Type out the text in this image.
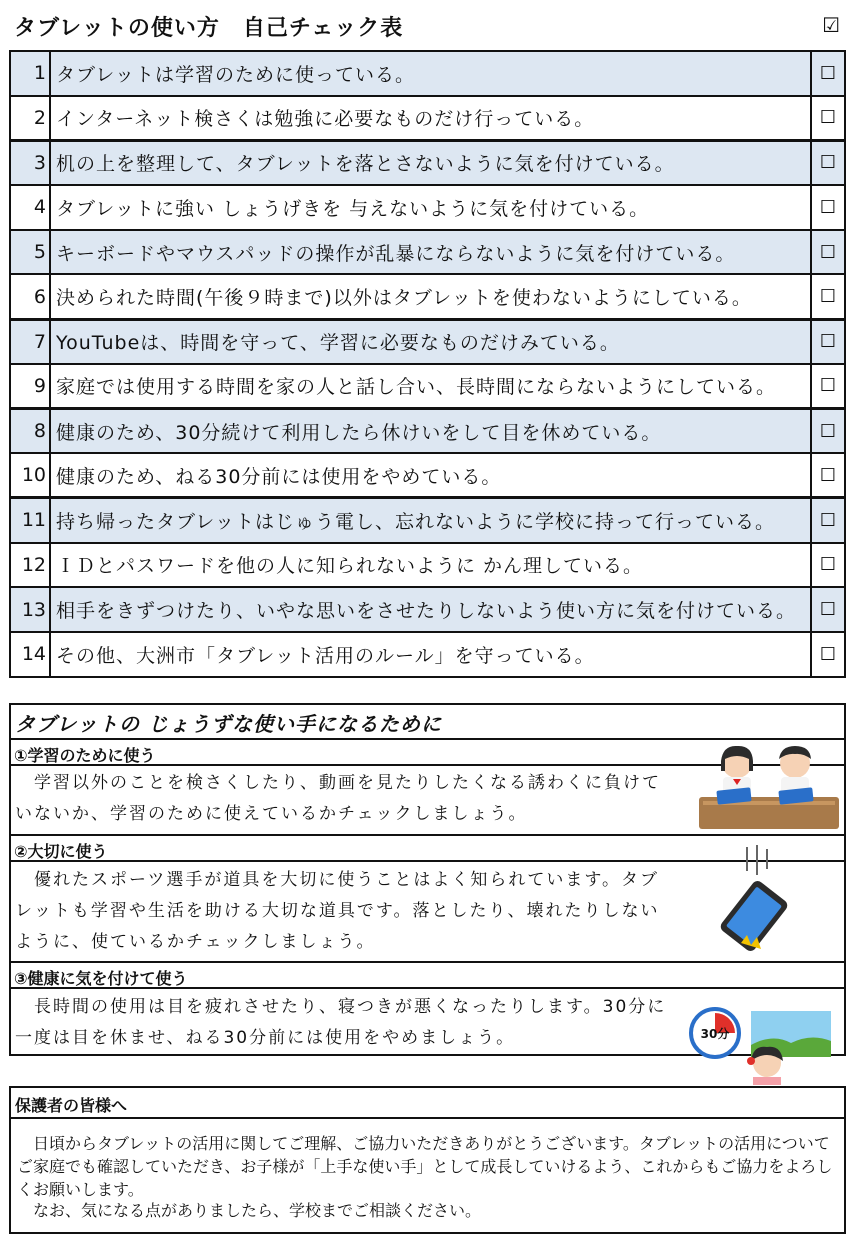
タブレットの使い方　自己チェック表	☑
1	タブレットは学習のために使っている。	☐
2	インターネット検さくは勉強に必要なものだけ行っている。	☐
3	机の上を整理して、タブレットを落とさないように気を付けている。	☐
4	タブレットに強い しょうげきを 与えないように気を付けている。	☐
5	キーボードやマウスパッドの操作が乱暴にならないように気を付けている。	☐
6	決められた時間(午後９時まで)以外はタブレットを使わないようにしている。	☐
7	YouTubeは、時間を守って、学習に必要なものだけみている。	☐
9	家庭では使用する時間を家の人と話し合い、長時間にならないようにしている。	☐
8	健康のため、30分続けて利用したら休けいをして目を休めている。	☐
10	健康のため、ねる30分前には使用をやめている。	☐
11	持ち帰ったタブレットはじゅう電し、忘れないように学校に持って行っている。	☐
12	ＩＤとパスワードを他の人に知られないように かん理している。	☐
13	相手をきずつけたり、いやな思いをさせたりしないよう使い方に気を付けている。	☐
14	その他、大洲市「タブレット活用のルール」を守っている。	☐
タブレットの じょうずな使い手になるために
①学習のために使う
　学習以外のことを検さくしたり、動画を見たりしたくなる誘わくに負けて
いないか、学習のために使えているかチェックしましょう。
②大切に使う
　優れたスポーツ選手が道具を大切に使うことはよく知られています。タブ
レットも学習や生活を助ける大切な道具です。落としたり、壊れたりしない
ように、使ているかチェックしましょう。
③健康に気を付けて使う
　長時間の使用は目を疲れさせたり、寝つきが悪くなったりします。30分に
一度は目を休ませ、ねる30分前には使用をやめましょう。	30分
保護者の皆様へ

日頃からタブレットの活用に関してご理解、ご協力いただきありがとうございます。タブレットの活用についてご家庭でも確認していただき、お子様が「上手な使い手」として成長していけるよう、これからもご協力をよろしくお願いします。

なお、気になる点がありましたら、学校までご相談ください。
